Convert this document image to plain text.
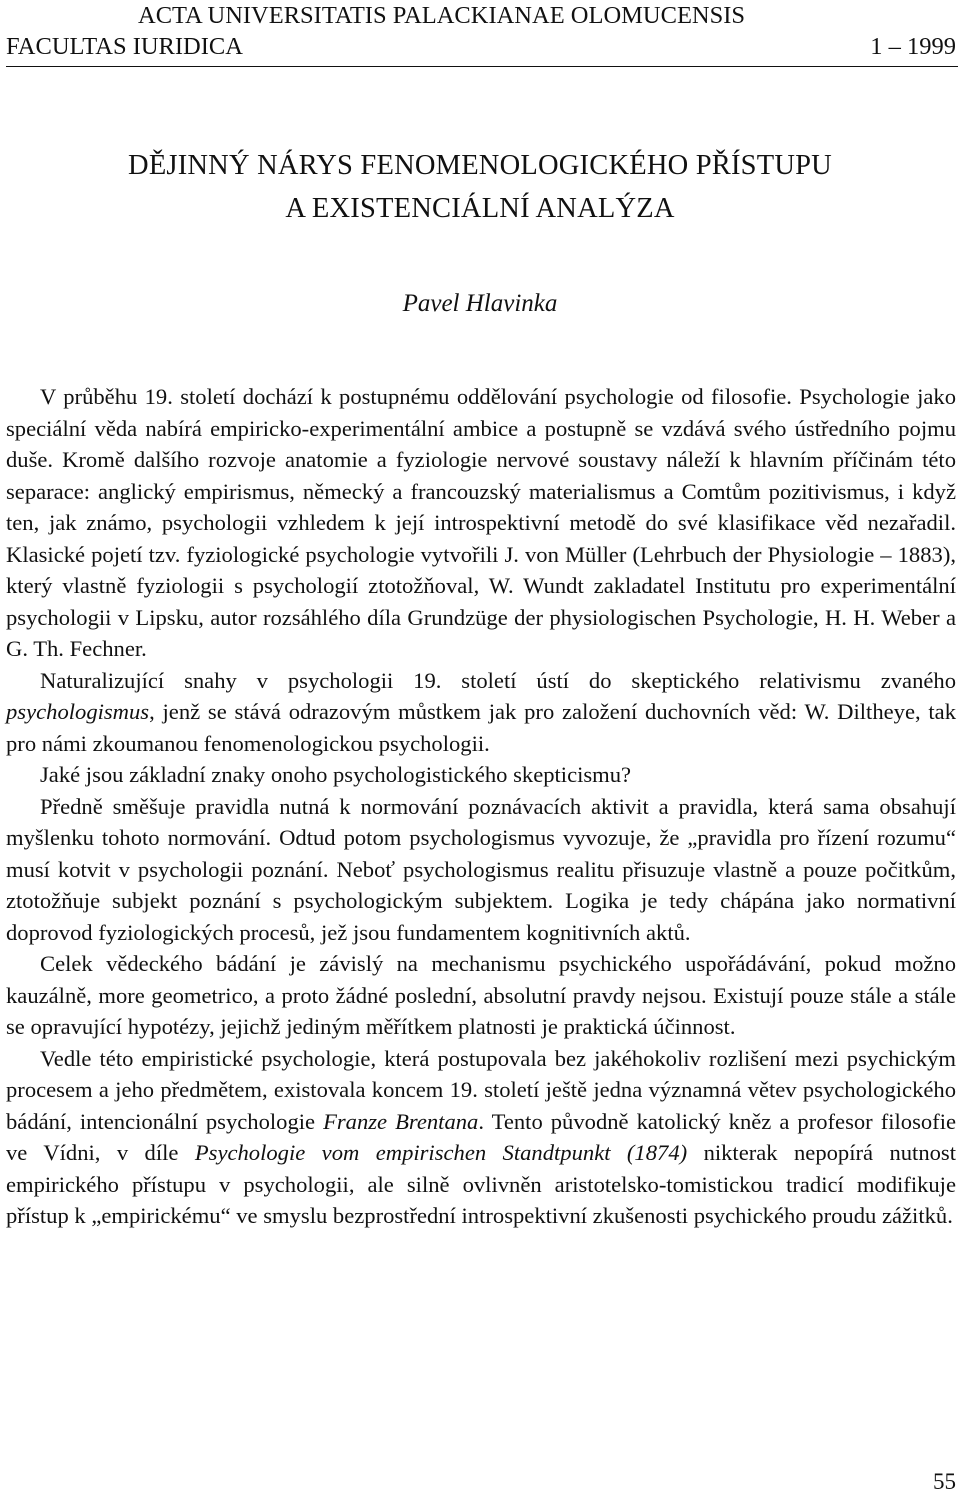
ACTA UNIVERSITATIS PALACKIANAE OLOMUCENSIS
FACULTAS IURIDICA	1 – 1999
DĚJINNÝ NÁRYS FENOMENOLOGICKÉHO PŘÍSTUPU
A EXISTENCIÁLNÍ ANALÝZA
Pavel Hlavinka

V průběhu 19. století dochází k postupnému oddělování psychologie od filosofie. Psychologie jako speciální věda nabírá empiricko-experimentální ambice a postupně se vzdává svého ústředního pojmu duše. Kromě dalšího rozvoje anatomie a fyziologie nervové soustavy náleží k hlavním příčinám této separace: anglický empirismus, německý a francouzský materialismus a Comtům pozitivismus, i když ten, jak známo, psychologii vzhledem k její introspektivní metodě do své klasifikace věd nezařadil. Klasické pojetí tzv. fyziologické psychologie vytvořili J. von Müller (Lehrbuch der Physiologie – 1883), který vlastně fyziologii s psychologií ztotožňoval, W. Wundt zakladatel Institutu pro experimentální psychologii v Lipsku, autor rozsáhlého díla Grundzüge der physiologischen Psychologie, H. H. Weber a G. Th. Fechner.

Naturalizující snahy v psychologii 19. století ústí do skeptického relativismu zvaného psychologismus, jenž se stává odrazovým můstkem jak pro založení duchovních věd: W. Diltheye, tak pro námi zkoumanou fenomenologickou psychologii.

Jaké jsou základní znaky onoho psychologistického skepticismu?

Předně směšuje pravidla nutná k normování poznávacích aktivit a pravidla, která sama obsahují myšlenku tohoto normování. Odtud potom psychologismus vyvozuje, že „pravidla pro řízení rozumu“ musí kotvit v psychologii poznání. Neboť psychologismus realitu přisuzuje vlastně a pouze počitkům, ztotožňuje subjekt poznání s psychologickým subjektem. Logika je tedy chápána jako normativní doprovod fyziologických procesů, jež jsou fundamentem kognitivních aktů.

Celek vědeckého bádání je závislý na mechanismu psychického uspořádávání, pokud možno kauzálně, more geometrico, a proto žádné poslední, absolutní pravdy nejsou. Existují pouze stále a stále se opravující hypotézy, jejichž jediným měřítkem platnosti je praktická účinnost.

Vedle této empiristické psychologie, která postupovala bez jakéhokoliv rozlišení mezi psychickým procesem a jeho předmětem, existovala koncem 19. století ještě jedna významná větev psychologického bádání, intencionální psychologie Franze Brentana. Tento původně katolický kněz a profesor filosofie ve Vídni, v díle Psychologie vom empirischen Standtpunkt (1874) nikterak nepopírá nutnost empirického přístupu v psychologii, ale silně ovlivněn aristotelsko-tomistickou tradicí modifikuje přístup k „empirickému“ ve smyslu bezprostřední introspektivní zkušenosti psychického proudu zážitků.

55
